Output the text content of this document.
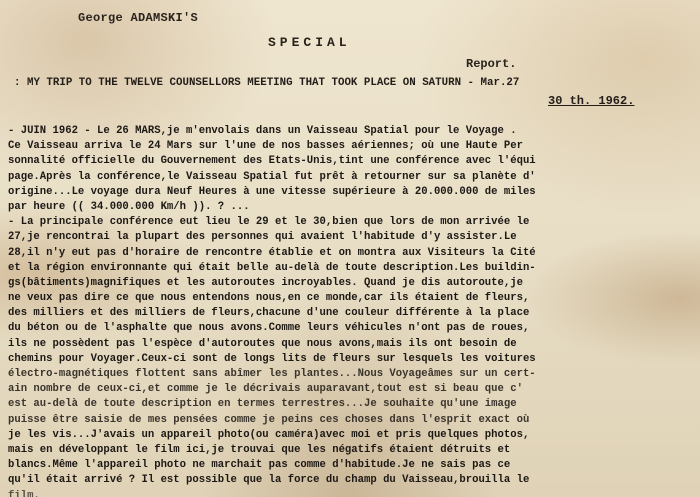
George ADAMSKI'S
SPECIAL
Report.
: MY TRIP TO THE TWELVE COUNSELLORS MEETING THAT TOOK PLACE ON SATURN - Mar.27
30 th. 1962.
- JUIN 1962 - Le 26 MARS,je m'envolais dans un Vaisseau Spatial pour le Voyage .
Ce Vaisseau arriva le 24 Mars sur l'une de nos basses aériennes; où une Haute Per
sonnalité officielle du Gouvernement des Etats-Unis,tint une conférence avec l'équi
page.Après la conférence,le Vaisseau Spatial fut prêt à retourner sur sa planète d'
origine...Le voyage dura Neuf Heures à une vitesse supérieure à 20.000.000 de miles
par heure (( 34.000.000 Km/h )). ? ...
- La principale conférence eut lieu le 29 et le 30,bien que lors de mon arrivée le
27,je rencontrai la plupart des personnes qui avaient l'habitude d'y assister.Le
28,il n'y eut pas d'horaire de rencontre établie et on montra aux Visiteurs la Cité
et la région environnante qui était belle au-delà de toute description.Les buildin-
gs(bâtiments)magnifiques et les autoroutes incroyables. Quand je dis autoroute,je
ne veux pas dire ce que nous entendons nous,en ce monde,car ils étaient de fleurs,
des milliers et des milliers de fleurs,chacune d'une couleur différente à la place
du béton ou de l'asphalte que nous avons.Comme leurs véhicules n'ont pas de roues,
ils ne possèdent pas l'espèce d'autoroutes que nous avons,mais ils ont besoin de
chemins pour Voyager.Ceux-ci sont de longs lits de fleurs sur lesquels les voitures
électro-magnétiques flottent sans abîmer les plantes...Nous Voyageâmes sur un cert-
ain nombre de ceux-ci,et comme je le décrivais auparavant,tout est si beau que c'
est au-delà de toute description en termes terrestres...Je souhaite qu'une image
puisse être saisie de mes pensées comme je peins ces choses dans l'esprit exact où
je les vis...J'avais un appareil photo(ou caméra)avec moi et pris quelques photos,
mais en développant le film ici,je trouvai que les négatifs étaient détruits et
blancs.Même l'appareil photo ne marchait pas comme d'habitude.Je ne sais pas ce
qu'il était arrivé ? Il est possible que la force du champ du Vaisseau,brouilla le
film.
